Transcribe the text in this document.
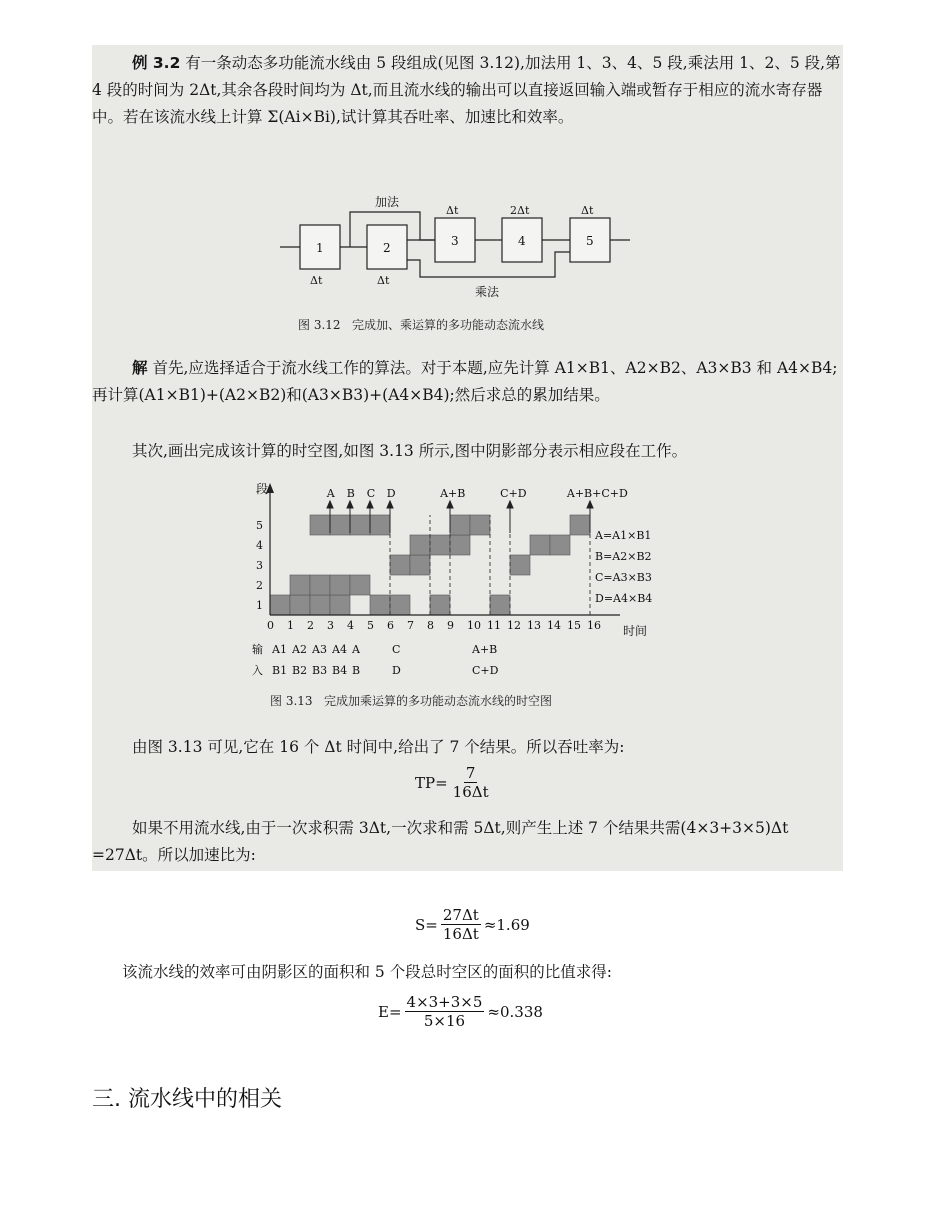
例 3.2 有一条动态多功能流水线由 5 段组成(见图 3.12),加法用 1、3、4、5 段,乘法用 1、2、5 段,第 4 段的时间为 2Δt,其余各段时间均为 Δt,而且流水线的输出可以直接返回输入端或暂存于相应的流水寄存器中。若在该流水线上计算 Σ(Ai×Bi),试计算其吞吐率、加速比和效率。

加法
乘法
1	2	3	4	5
Δt	Δt
Δt	2Δt	Δt
图 3.12   完成加、乘运算的多功能动态流水线

解 首先,应选择适合于流水线工作的算法。对于本题,应先计算 A1×B1、A2×B2、A3×B3 和 A4×B4;再计算(A1×B1)+(A2×B2)和(A3×B3)+(A4×B4);然后求总的累加结果。

其次,画出完成该计算的时空图,如图 3.13 所示,图中阴影部分表示相应段在工作。

段
时间
1
2
3
4
5
0 1 2 3 4 5 6 7 8 9 10 11 12 13 14 15 16
A B C D	A+B	C+D	A+B+C+D
A=A1×B1
B=A2×B2
C=A3×B3
D=A4×B4
输
入
A1 A2 A3 A4 A	C	A+B
B1 B2 B3 B4 B	D	C+D
图 3.13   完成加乘运算的多功能动态流水线的时空图

由图 3.13 可见,它在 16 个 Δt 时间中,给出了 7 个结果。所以吞吐率为:

$TP= \frac{7}{16\Delta t}$

如果不用流水线,由于一次求积需 3Δt,一次求和需 5Δt,则产生上述 7 个结果共需(4×3+3×5)Δt =27Δt。所以加速比为:

$S= \frac{27\Delta t}{16\Delta t} \approx 1.69$

该流水线的效率可由阴影区的面积和 5 个段总时空区的面积的比值求得:

$E= \frac{4\times 3+3\times 5}{5\times 16} \approx 0.338$
三. 流水线中的相关
